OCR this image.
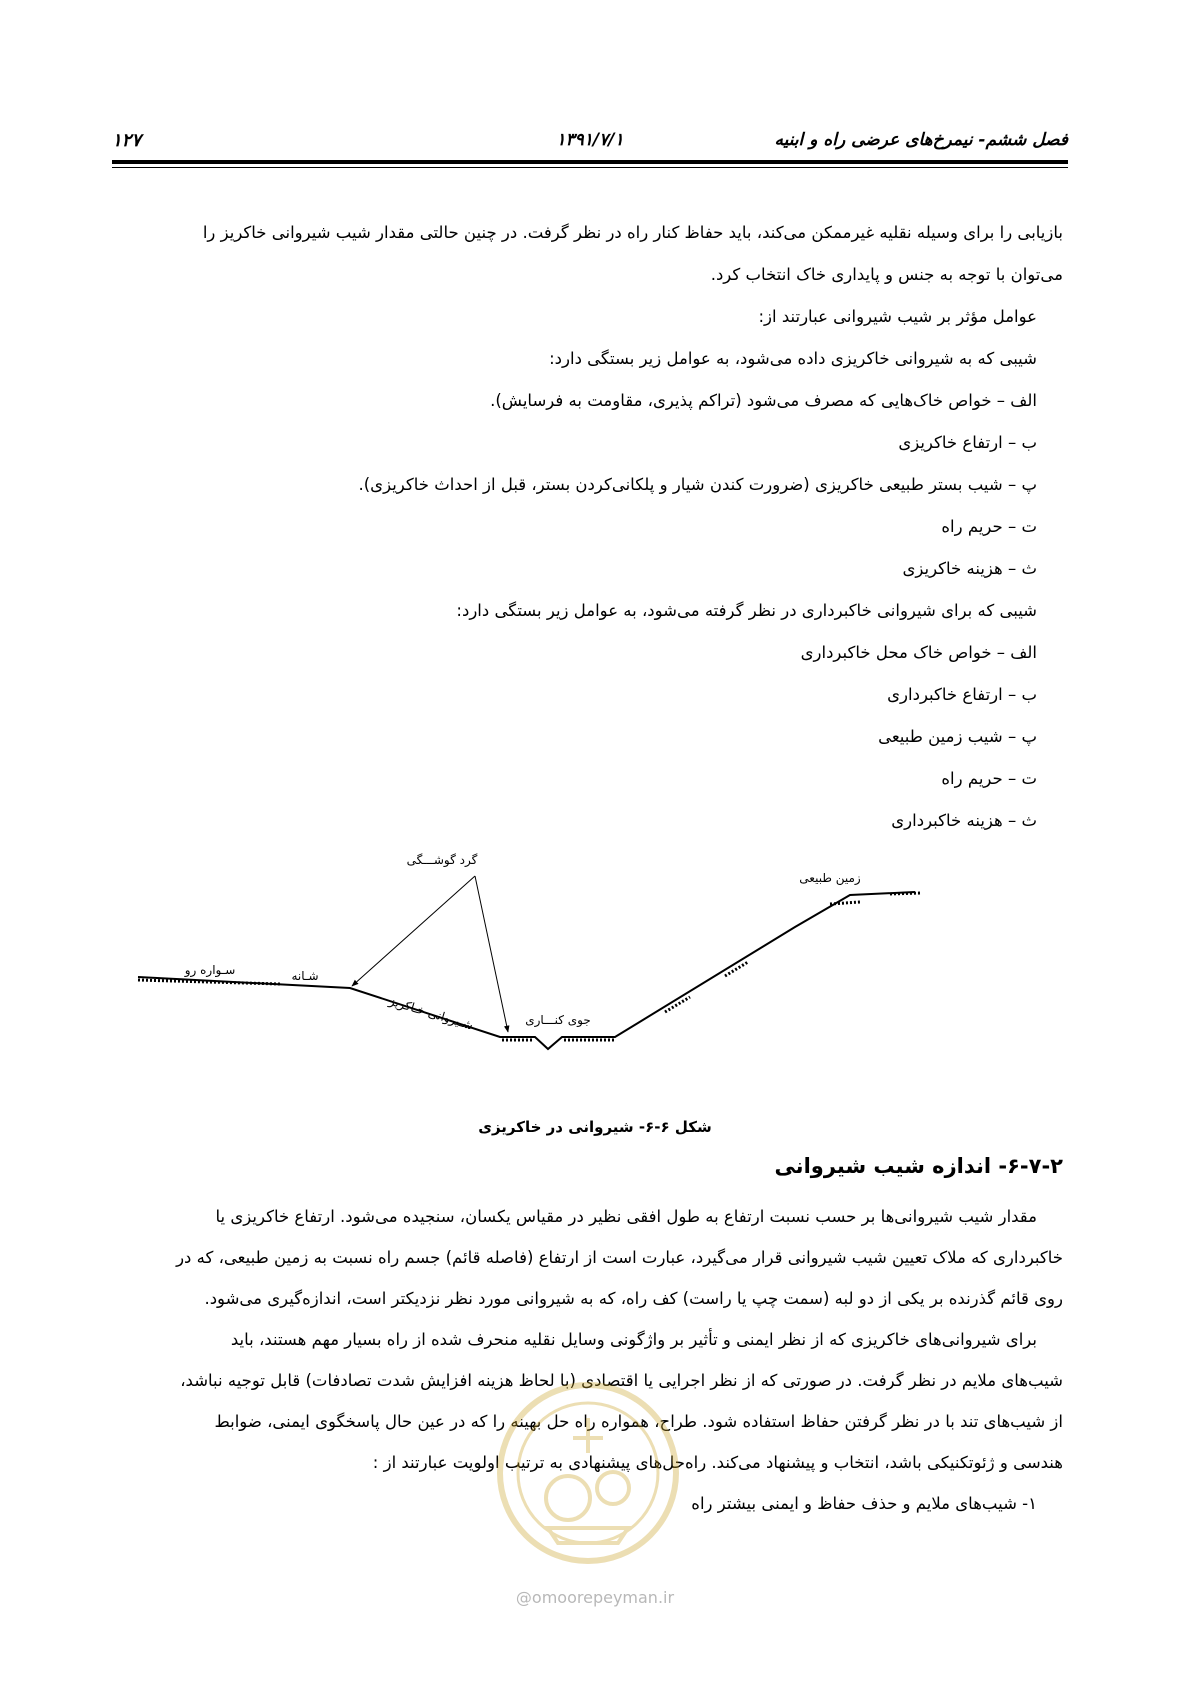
فصل ششم- نیمرخ‌های عرضی راه و ابنیه
۱۳۹۱/۷/۱
۱۲۷

بازیابی را برای وسیله نقلیه غیرممکن می‌کند، باید حفاظ کنار راه در نظر گرفت. در چنین حالتی مقدار شیب شیروانی خاکریز را

می‌توان با توجه به جنس و پایداری خاک انتخاب کرد.

عوامل مؤثر بر شیب شیروانی عبارتند از:

شیبی که به شیروانی خاکریزی داده می‌شود، به عوامل زیر بستگی دارد:

الف – خواص خاک‌هایی که مصرف می‌شود (تراکم پذیری، مقاومت به فرسایش).

ب – ارتفاع خاکریزی

پ – شیب بستر طبیعی خاکریزی (ضرورت کندن شیار و پلکانی‌کردن بستر، قبل از احداث خاکریزی).

ت – حریم راه

ث – هزینه خاکریزی

شیبی که برای شیروانی خاکبرداری در نظر گرفته می‌شود، به عوامل زیر بستگی دارد:

الف – خواص خاک محل خاکبرداری

ب – ارتفاع خاکبرداری

پ – شیب زمین طبیعی

ت – حریم راه

ث – هزینه خاکبرداری

زمین طبیعی
گرد گوشـــگی
سـواره رو	شـانه
شـیروانی خـاکریز	جوی کنـــاری
شکل ۶-۶- شیروانی در خاکریزی
۶-۷-۲- اندازه شیب شیروانی

مقدار شیب شیروانی‌ها بر حسب نسبت ارتفاع به طول افقی نظیر در مقیاس یکسان، سنجیده می‌شود. ارتفاع خاکریزی یا

خاکبرداری که ملاک تعیین شیب شیروانی قرار می‌گیرد، عبارت است از ارتفاع (فاصله قائم) جسم راه نسبت به زمین طبیعی، که در

روی قائم گذرنده بر یکی از دو لبه (سمت چپ یا راست) کف راه، که به شیروانی مورد نظر نزدیکتر است، اندازه‌گیری می‌شود.

برای شیروانی‌های خاکریزی که از نظر ایمنی و تأثیر بر واژگونی وسایل نقلیه منحرف شده از راه بسیار مهم هستند، باید

شیب‌های ملایم در نظر گرفت. در صورتی که از نظر اجرایی یا اقتصادی (با لحاظ هزینه افزایش شدت تصادفات) قابل توجیه نباشد،

از شیب‌های تند با در نظر گرفتن حفاظ استفاده شود. طراح، همواره راه حل بهینه را که در عین حال پاسخگوی ایمنی، ضوابط

هندسی و ژئوتکنیکی باشد، انتخاب و پیشنهاد می‌کند. راه‌حل‌های پیشنهادی به ترتیب اولویت عبارتند از :

۱- شیب‌های ملایم و حذف حفاظ و ایمنی بیشتر راه

@omoorepeyman.ir
